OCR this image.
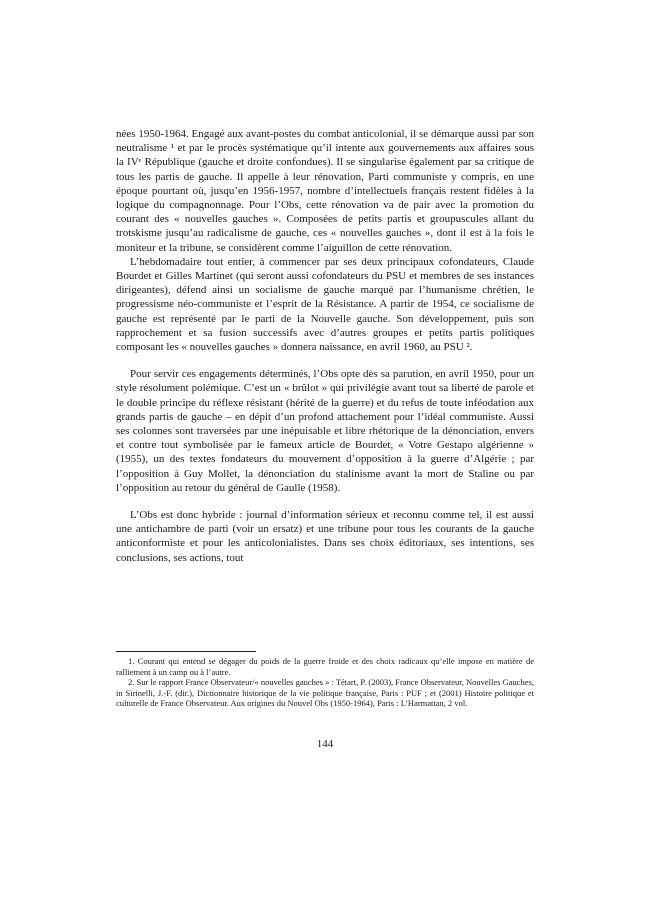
nées 1950-1964. Engagé aux avant-postes du combat anticolonial, il se démarque aussi par son neutralisme ¹ et par le procès systématique qu’il intente aux gouvernements aux affaires sous la IVᵉ République (gauche et droite confondues). Il se singularise également par sa critique de tous les partis de gauche. Il appelle à leur rénovation, Parti communiste y compris, en une époque pourtant où, jusqu’en 1956-1957, nombre d’intellectuels français restent fidèles à la logique du compagnonnage. Pour l’Obs, cette rénovation va de pair avec la promotion du courant des « nouvelles gauches ». Composées de petits partis et groupuscules allant du trotskisme jusqu’au radicalisme de gauche, ces « nouvelles gauches », dont il est à la fois le moniteur et la tribune, se considèrent comme l’aiguillon de cette rénovation.

L’hebdomadaire tout entier, à commencer par ses deux principaux cofondateurs, Claude Bourdet et Gilles Martinet (qui seront aussi cofondateurs du PSU et membres de ses instances dirigeantes), défend ainsi un socialisme de gauche marqué par l’humanisme chrétien, le progressisme néo-communiste et l’esprit de la Résistance. A partir de 1954, ce socialisme de gauche est représenté par le parti de la Nouvelle gauche. Son développement, puis son rapprochement et sa fusion successifs avec d’autres groupes et petits partis politiques composant les « nouvelles gauches » donnera naissance, en avril 1960, au PSU ².

Pour servir ces engagements déterminés, l’Obs opte dès sa parution, en avril 1950, pour un style résolument polémique. C’est un « brûlot » qui privilégie avant tout sa liberté de parole et le double principe du réflexe résistant (hérité de la guerre) et du refus de toute inféodation aux grands partis de gauche – en dépit d’un profond attachement pour l’idéal communiste. Aussi ses colonnes sont traversées par une inépuisable et libre rhétorique de la dénonciation, envers et contre tout symbolisée par le fameux article de Bourdet, « Votre Gestapo algérienne » (1955), un des textes fondateurs du mouvement d’opposition à la guerre d’Algérie ; par l’opposition à Guy Mollet, la dénonciation du stalinisme avant la mort de Staline ou par l’opposition au retour du général de Gaulle (1958).

L’Obs est donc hybride : journal d’information sérieux et reconnu comme tel, il est aussi une antichambre de parti (voir un ersatz) et une tribune pour tous les courants de la gauche anticonformiste et pour les anticolonialistes. Dans ses choix éditoriaux, ses intentions, ses conclusions, ses actions, tout

1. Courant qui entend se dégager du poids de la guerre froide et des choix radicaux qu’elle impose en matière de ralliement à un camp ou à l’autre.

2. Sur le rapport France Observateur/« nouvelles gauches » : Tétart, P. (2003), France Observateur, Nouvelles Gauches, in Sirinelli, J.-F. (dir.), Dictionnaire historique de la vie politique française, Paris : PUF ; et (2001) Histoire politique et culturelle de France Observateur. Aux origines du Nouvel Obs (1950-1964), Paris : L’Harmattan, 2 vol.

144
